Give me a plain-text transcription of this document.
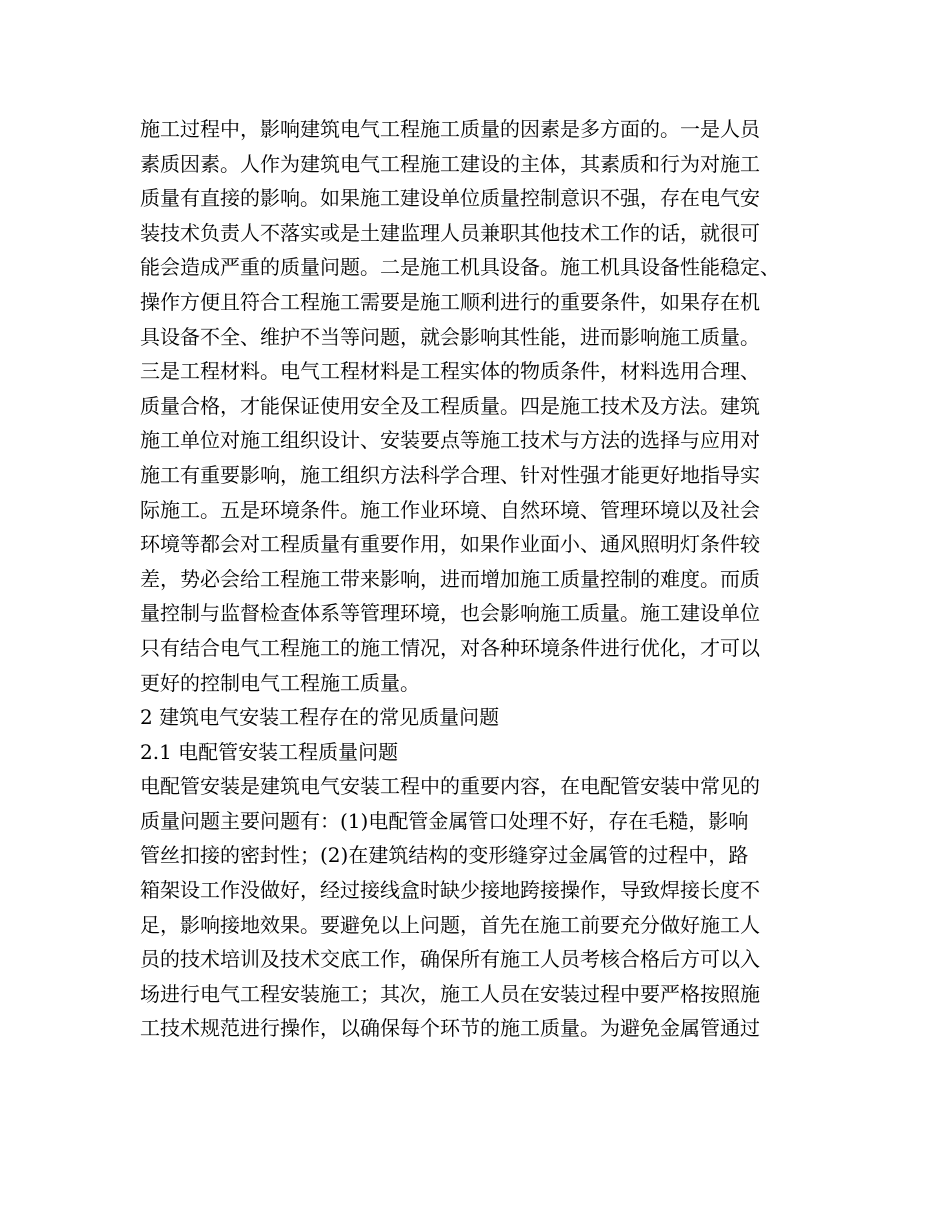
施工过程中，影响建筑电气工程施工质量的因素是多方面的。一是人员
素质因素。人作为建筑电气工程施工建设的主体，其素质和行为对施工
质量有直接的影响。如果施工建设单位质量控制意识不强，存在电气安
装技术负责人不落实或是土建监理人员兼职其他技术工作的话，就很可
能会造成严重的质量问题。二是施工机具设备。施工机具设备性能稳定、
操作方便且符合工程施工需要是施工顺利进行的重要条件，如果存在机
具设备不全、维护不当等问题，就会影响其性能，进而影响施工质量。
三是工程材料。电气工程材料是工程实体的物质条件，材料选用合理、
质量合格，才能保证使用安全及工程质量。四是施工技术及方法。建筑
施工单位对施工组织设计、安装要点等施工技术与方法的选择与应用对
施工有重要影响，施工组织方法科学合理、针对性强才能更好地指导实
际施工。五是环境条件。施工作业环境、自然环境、管理环境以及社会
环境等都会对工程质量有重要作用，如果作业面小、通风照明灯条件较
差，势必会给工程施工带来影响，进而增加施工质量控制的难度。而质
量控制与监督检查体系等管理环境，也会影响施工质量。施工建设单位
只有结合电气工程施工的施工情况，对各种环境条件进行优化，才可以
更好的控制电气工程施工质量。
2 建筑电气安装工程存在的常见质量问题
2.1 电配管安装工程质量问题
电配管安装是建筑电气安装工程中的重要内容，在电配管安装中常见的
质量问题主要问题有：(1)电配管金属管口处理不好，存在毛糙，影响
管丝扣接的密封性；(2)在建筑结构的变形缝穿过金属管的过程中，路
箱架设工作没做好，经过接线盒时缺少接地跨接操作，导致焊接长度不
足，影响接地效果。要避免以上问题，首先在施工前要充分做好施工人
员的技术培训及技术交底工作，确保所有施工人员考核合格后方可以入
场进行电气工程安装施工；其次，施工人员在安装过程中要严格按照施
工技术规范进行操作，以确保每个环节的施工质量。为避免金属管通过
